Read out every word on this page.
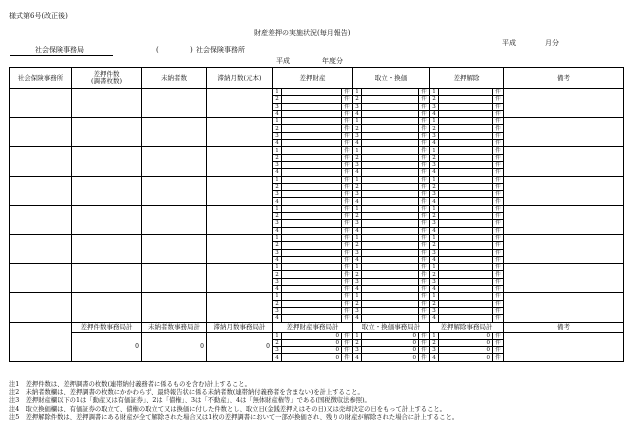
様式第6号(改正後)
財産差押の実施状況(毎月報告)
平成	月分
社会保険事務局	(	) 社会保険事務所
平成	年度分
社会保険事務所	差押件数
(調書枚数)	未納者数	滞納月数(元本)	差押財産			取立・換価			差押解除			備考
				1		件	1		件	1		件	
				2		件	2		件	2		件	
				3		件	3		件	3		件	
				4		件	4		件	4		件	
				1		件	1		件	1		件	
				2		件	2		件	2		件	
				3		件	3		件	3		件	
				4		件	4		件	4		件	
				1		件	1		件	1		件	
				2		件	2		件	2		件	
				3		件	3		件	3		件	
				4		件	4		件	4		件	
				1		件	1		件	1		件	
				2		件	2		件	2		件	
				3		件	3		件	3		件	
				4		件	4		件	4		件	
				1		件	1		件	1		件	
				2		件	2		件	2		件	
				3		件	3		件	3		件	
				4		件	4		件	4		件	
				1		件	1		件	1		件	
				2		件	2		件	2		件	
				3		件	3		件	3		件	
				4		件	4		件	4		件	
				1		件	1		件	1		件	
				2		件	2		件	2		件	
				3		件	3		件	3		件	
				4		件	4		件	4		件	
				1		件	1		件	1		件	
				2		件	2		件	2		件	
				3		件	3		件	3		件	
				4		件	4		件	4		件	
	差押件数事務局計	未納者数事務局計	滞納月数事務局計	差押財産事務局計			取立・換価事務局計			差押解除事務局計			備考
	0	0	0	1	0	件	1	0	件	1	0	件	
				2	0	件	2	0	件	2	0	件	
				3	0	件	3	0	件	3	0	件	
				4	0	件	4	0	件	4	0	件	
注1　差押件数は、差押調書の枚数(連帯納付義務者に係るものを含む)計上すること。
注2　未納者数欄は、差押調書の枚数にかかわらず、最終報告状に係る未納者数(連帯納付義務者を含まない)を計上すること。
注3　差押財産欄以下の1は「動産又は有価証券」、2は「債権」、3は「不動産」、4は「無体財産権等」である(国税徴収法参照)。
注4　取立換価欄は、有価証券の取立て、債権の取立て又は換価に付した件数とし、取立日(金銭差押えはその日)又は売却決定の日をもって計上すること。
注5　差押解除件数は、差押調書にある財産が全て解除された場合又は1枚の差押調書において一部が換価され、残りの財産が解除された場合に計上すること。
